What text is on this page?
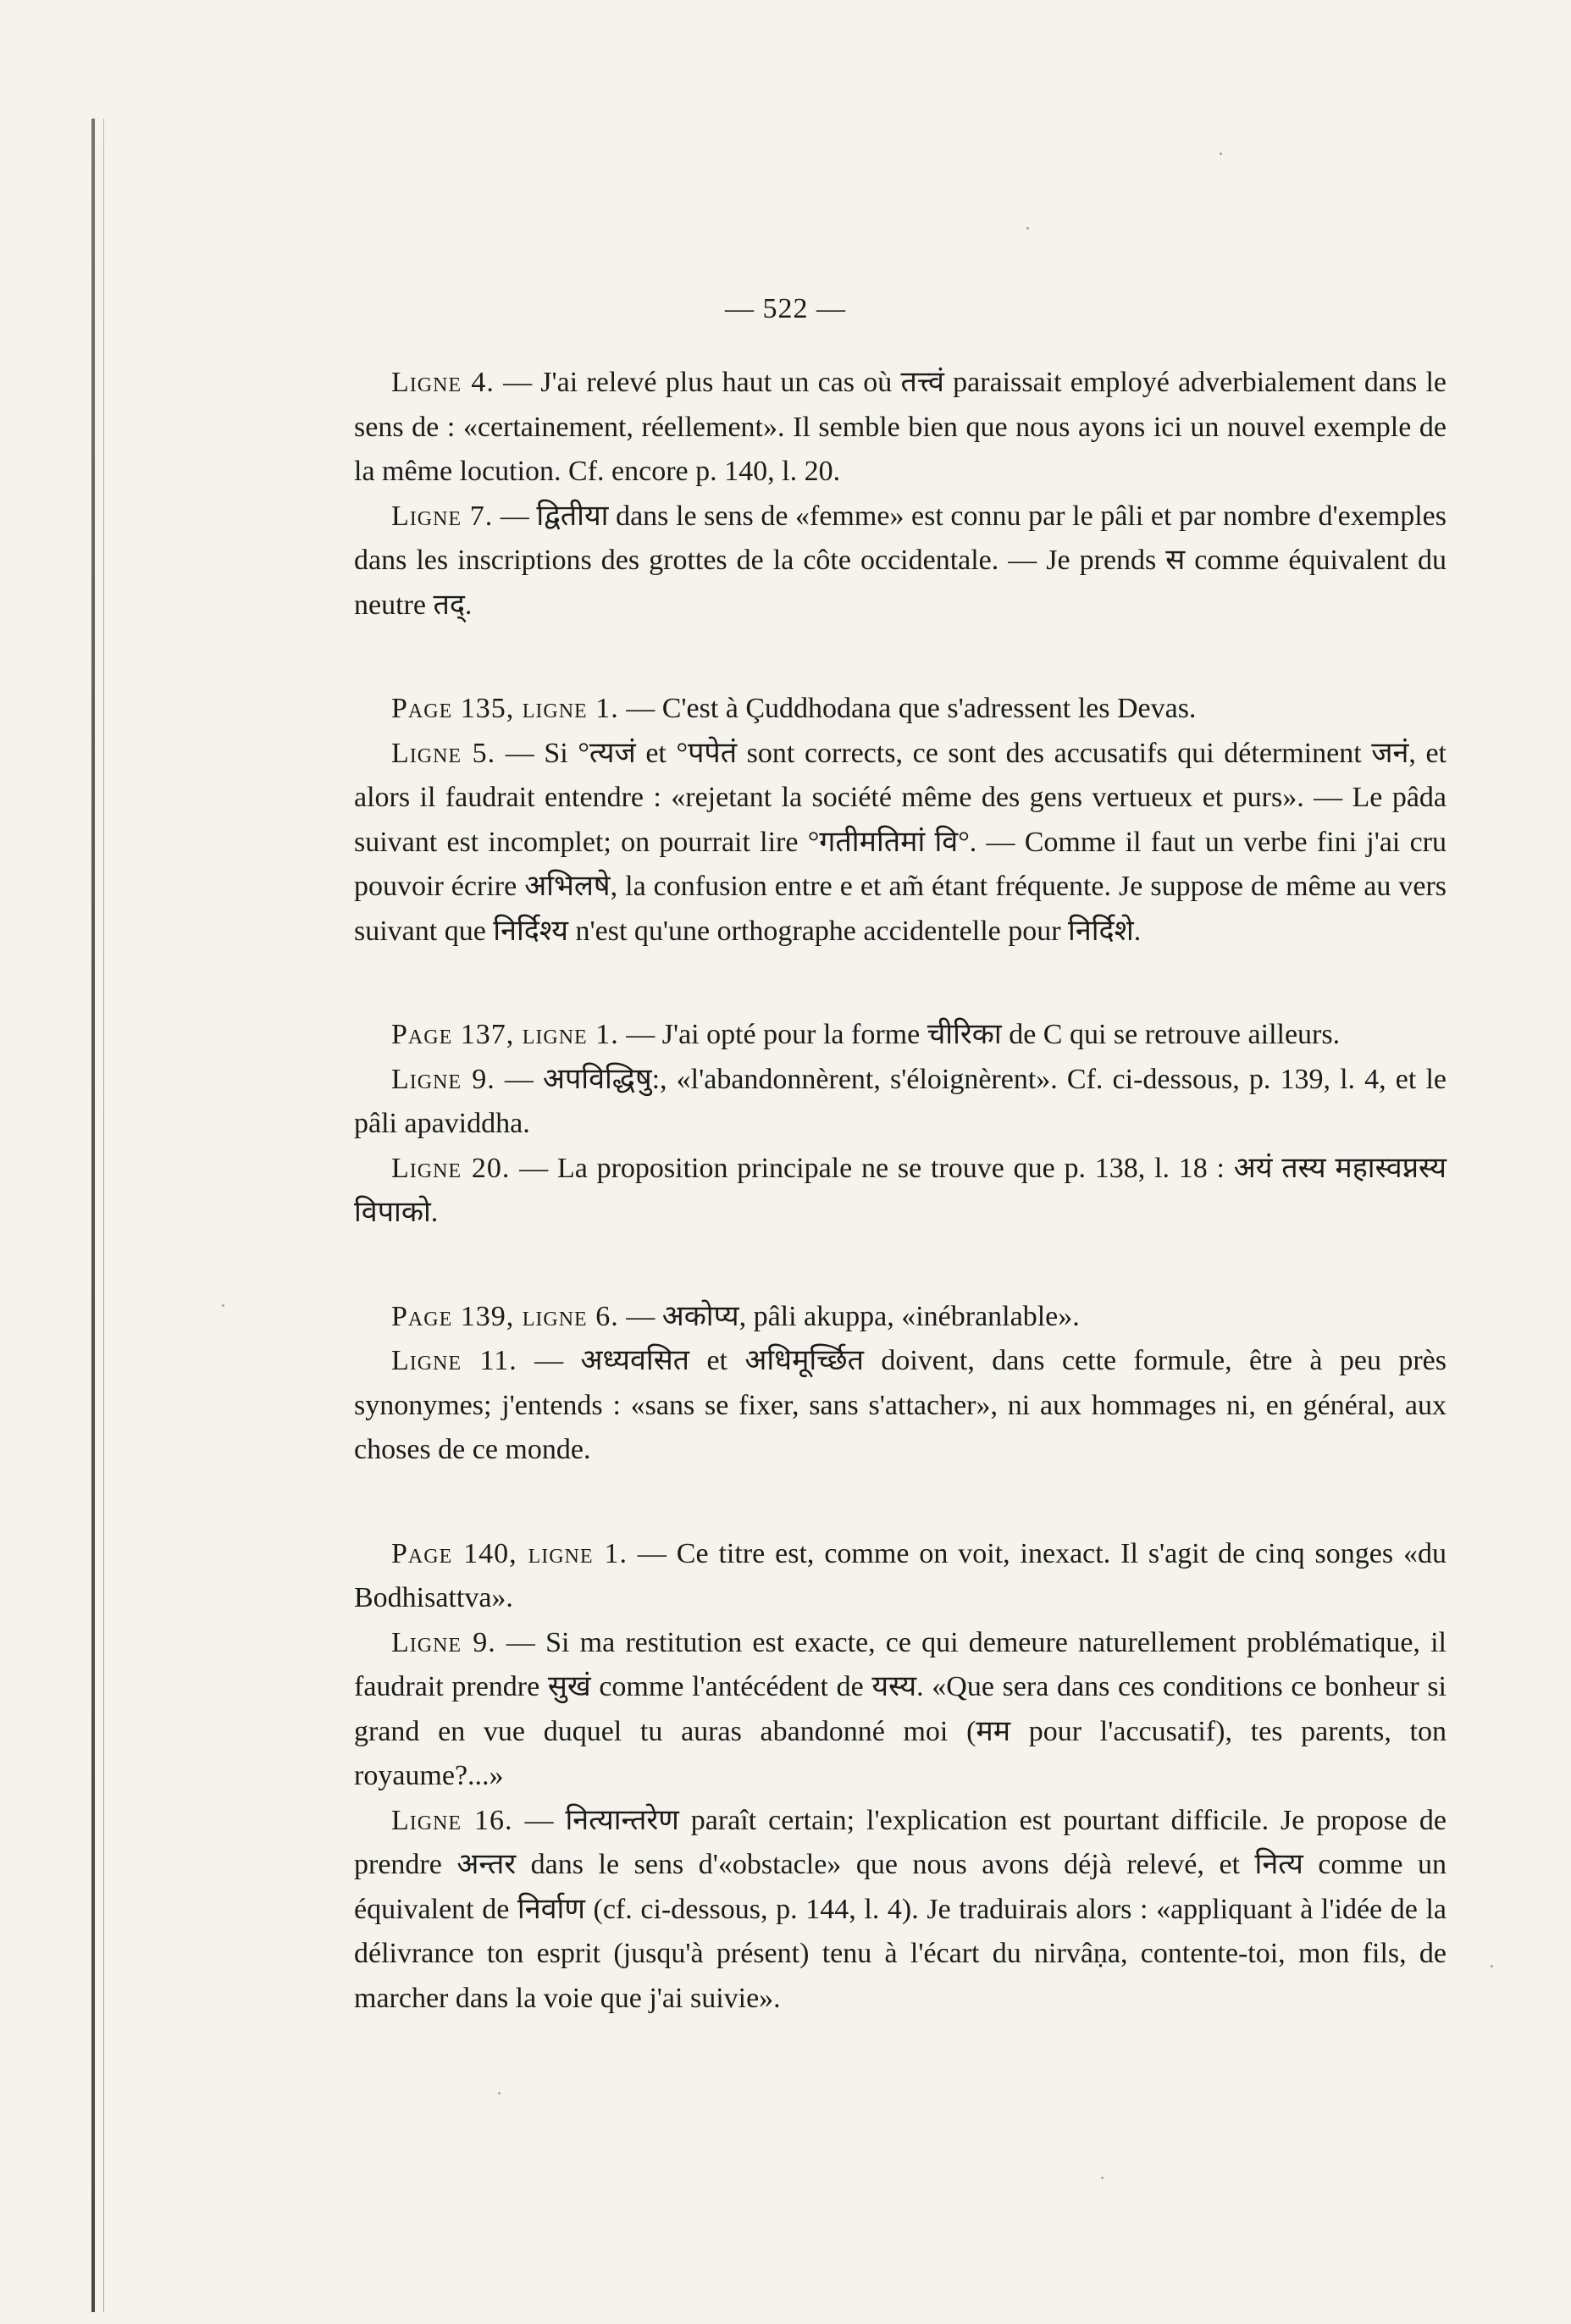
— 522 —

Ligne 4. — J'ai relevé plus haut un cas où तत्त्वं paraissait employé adverbialement dans le sens de : «certainement, réellement». Il semble bien que nous ayons ici un nouvel exemple de la même locution. Cf. encore p. 140, l. 20.

Ligne 7. — द्वितीया dans le sens de «femme» est connu par le pâli et par nombre d'exemples dans les inscriptions des grottes de la côte occidentale. — Je prends स comme équivalent du neutre तद्.

Page 135, ligne 1. — C'est à Çuddhodana que s'adressent les Devas.

Ligne 5. — Si °त्यजं et °पपेतं sont corrects, ce sont des accusatifs qui déterminent जनं, et alors il faudrait entendre : «rejetant la société même des gens vertueux et purs». — Le pâda suivant est incomplet; on pourrait lire °गतीमतिमां वि°. — Comme il faut un verbe fini j'ai cru pouvoir écrire अभिलषे, la confusion entre e et am̃ étant fréquente. Je suppose de même au vers suivant que निर्दिश्य n'est qu'une orthographe accidentelle pour निर्दिशे.

Page 137, ligne 1. — J'ai opté pour la forme चीरिका de C qui se retrouve ailleurs.

Ligne 9. — अपविद्धिषु:, «l'abandonnèrent, s'éloignèrent». Cf. ci-dessous, p. 139, l. 4, et le pâli apaviddha.

Ligne 20. — La proposition principale ne se trouve que p. 138, l. 18 : अयं तस्य महास्वप्नस्य विपाको.

Page 139, ligne 6. — अकोप्य, pâli akuppa, «inébranlable».

Ligne 11. — अध्यवसित et अधिमूर्च्छित doivent, dans cette formule, être à peu près synonymes; j'entends : «sans se fixer, sans s'attacher», ni aux hommages ni, en général, aux choses de ce monde.

Page 140, ligne 1. — Ce titre est, comme on voit, inexact. Il s'agit de cinq songes «du Bodhisattva».

Ligne 9. — Si ma restitution est exacte, ce qui demeure naturellement problématique, il faudrait prendre सुखं comme l'antécédent de यस्य. «Que sera dans ces conditions ce bonheur si grand en vue duquel tu auras abandonné moi (मम pour l'accusatif), tes parents, ton royaume?...»

Ligne 16. — नित्यान्तरेण paraît certain; l'explication est pourtant difficile. Je propose de prendre अन्तर dans le sens d'«obstacle» que nous avons déjà relevé, et नित्य comme un équivalent de निर्वाण (cf. ci-dessous, p. 144, l. 4). Je traduirais alors : «appliquant à l'idée de la délivrance ton esprit (jusqu'à présent) tenu à l'écart du nirvâṇa, contente-toi, mon fils, de marcher dans la voie que j'ai suivie».
